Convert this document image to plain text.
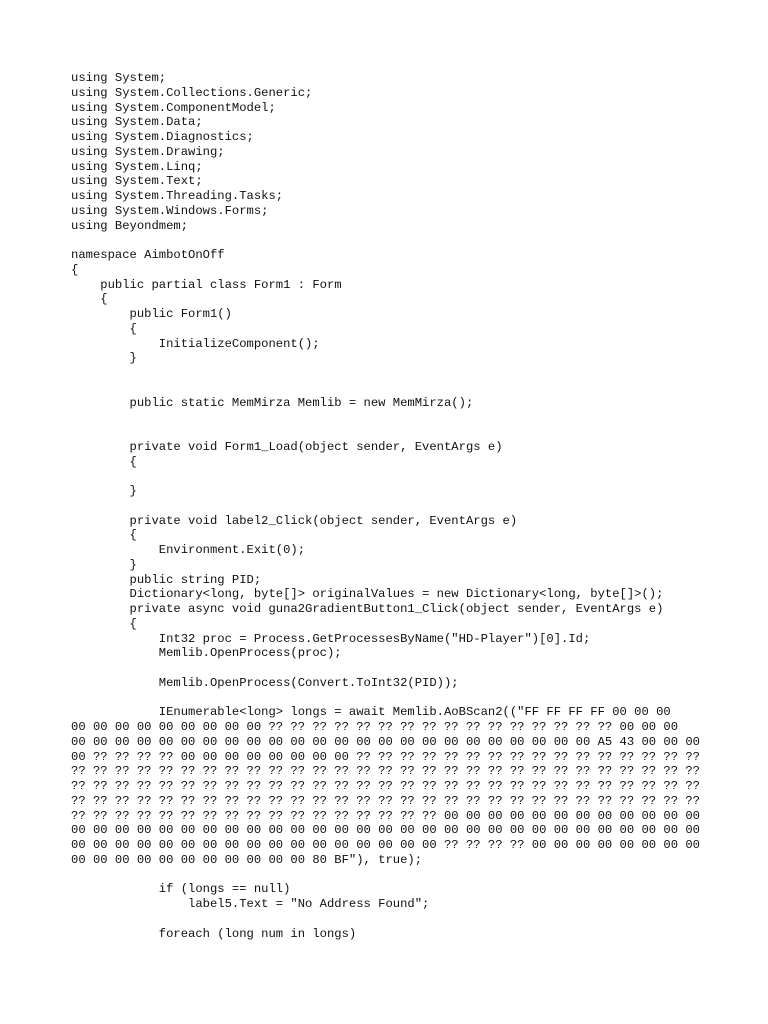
using System;
using System.Collections.Generic;
using System.ComponentModel;
using System.Data;
using System.Diagnostics;
using System.Drawing;
using System.Linq;
using System.Text;
using System.Threading.Tasks;
using System.Windows.Forms;
using Beyondmem;
namespace AimbotOnOff
{
public partial class Form1 : Form
{
public Form1()
{
InitializeComponent();
}
public static MemMirza Memlib = new MemMirza();
private void Form1_Load(object sender, EventArgs e)
{
}
private void label2_Click(object sender, EventArgs e)
{
Environment.Exit(0);
}
public string PID;
Dictionary<long, byte[]> originalValues = new Dictionary<long, byte[]>();
private async void guna2GradientButton1_Click(object sender, EventArgs e)
{
Int32 proc = Process.GetProcessesByName("HD-Player")[0].Id;
Memlib.OpenProcess(proc);
Memlib.OpenProcess(Convert.ToInt32(PID));
IEnumerable<long> longs = await Memlib.AoBScan2(("FF FF FF FF 00 00 00
00 00 00 00 00 00 00 00 00 ?? ?? ?? ?? ?? ?? ?? ?? ?? ?? ?? ?? ?? ?? ?? ?? 00 00 00
00 00 00 00 00 00 00 00 00 00 00 00 00 00 00 00 00 00 00 00 00 00 00 00 A5 43 00 00 00
00 ?? ?? ?? ?? 00 00 00 00 00 00 00 00 ?? ?? ?? ?? ?? ?? ?? ?? ?? ?? ?? ?? ?? ?? ?? ??
?? ?? ?? ?? ?? ?? ?? ?? ?? ?? ?? ?? ?? ?? ?? ?? ?? ?? ?? ?? ?? ?? ?? ?? ?? ?? ?? ?? ??
?? ?? ?? ?? ?? ?? ?? ?? ?? ?? ?? ?? ?? ?? ?? ?? ?? ?? ?? ?? ?? ?? ?? ?? ?? ?? ?? ?? ??
?? ?? ?? ?? ?? ?? ?? ?? ?? ?? ?? ?? ?? ?? ?? ?? ?? ?? ?? ?? ?? ?? ?? ?? ?? ?? ?? ?? ??
?? ?? ?? ?? ?? ?? ?? ?? ?? ?? ?? ?? ?? ?? ?? ?? ?? 00 00 00 00 00 00 00 00 00 00 00 00
00 00 00 00 00 00 00 00 00 00 00 00 00 00 00 00 00 00 00 00 00 00 00 00 00 00 00 00 00
00 00 00 00 00 00 00 00 00 00 00 00 00 00 00 00 00 ?? ?? ?? ?? 00 00 00 00 00 00 00 00
00 00 00 00 00 00 00 00 00 00 00 80 BF"), true);
if (longs == null)
label5.Text = "No Address Found";
foreach (long num in longs)
